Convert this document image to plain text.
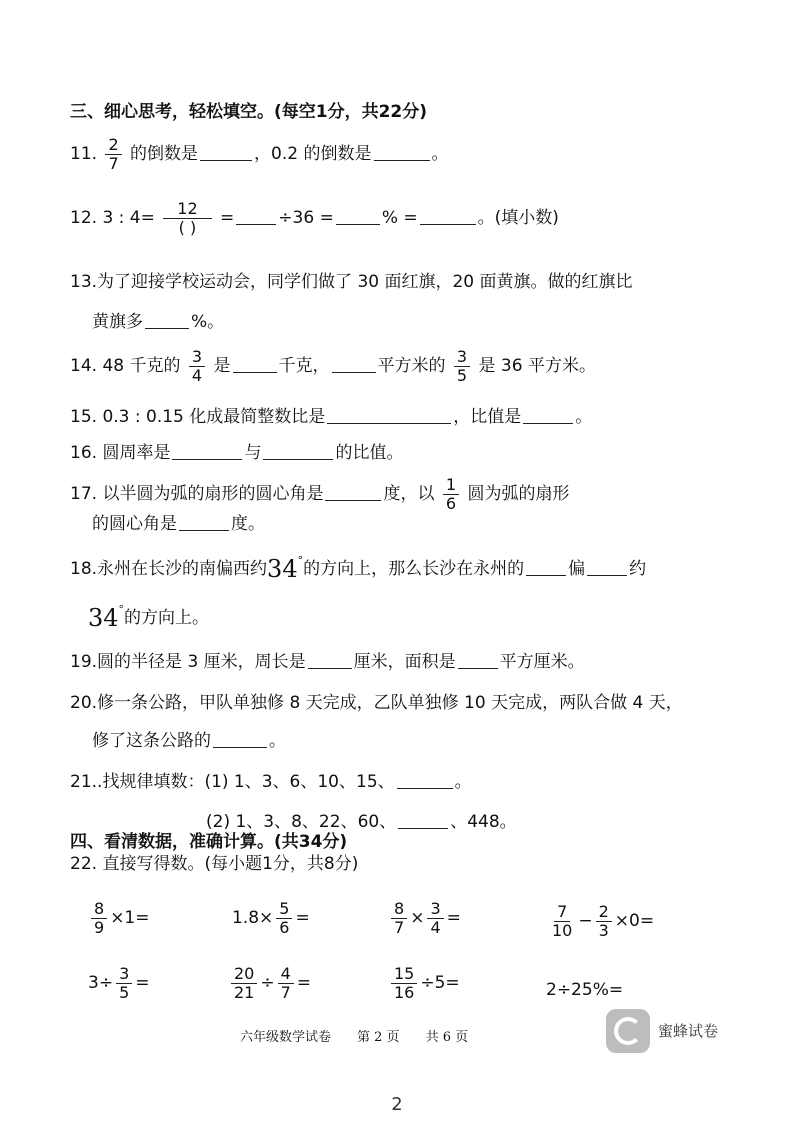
三、细心思考，轻松填空。(每空1分，共22分)
11. $\frac{2}{7}$ 的倒数是	，0.2 的倒数是	。
12. 3 : $4= \frac{12}{( )}$ =	÷36 =	% =	。(填小数)
13.为了迎接学校运动会，同学们做了 30 面红旗，20 面黄旗。做的红旗比
黄旗多	%。
14. 48 千克的 $\frac{3}{4}$ 是	千克，	平方米的 $\frac{3}{5}$ 是 36 平方米。
15. 0.3 : 0.15 化成最简整数比是	，比值是	。
16. 圆周率是	与	的比值。
17. 以半圆为弧的扇形的圆心角是	度，以 $\frac{1}{6}$ 圆为弧的扇形
的圆心角是	度。
18.永州在长沙的南偏西约34°的方向上，那么长沙在永州的	偏	约
34°的方向上。
19.圆的半径是 3 厘米，周长是	厘米，面积是	平方厘米。
20.修一条公路，甲队单独修 8 天完成，乙队单独修 10 天完成，两队合做 4 天，
修了这条公路的	。
21..找规律填数：(1) 1、3、6、10、15、	。
(2) 1、3、8、22、60、	、448。
四、看清数据，准确计算。(共34分)
22. 直接写得数。(每小题1分，共8分)
$\frac{8}{9} \times 1=$	$1.8\times \frac{5}{6}$ =	$\frac{8}{7} \times \frac{3}{4}$ =	$\frac{7}{10} - \frac{2}{3} \times 0=$
$3\div \frac{3}{5}$ =	$\frac{20}{21} \div \frac{4}{7}$ =	$\frac{15}{16} \div 5=$	2÷25%=
六年级数学试卷 第 2 页 共 6 页	蜜蜂试卷
2
